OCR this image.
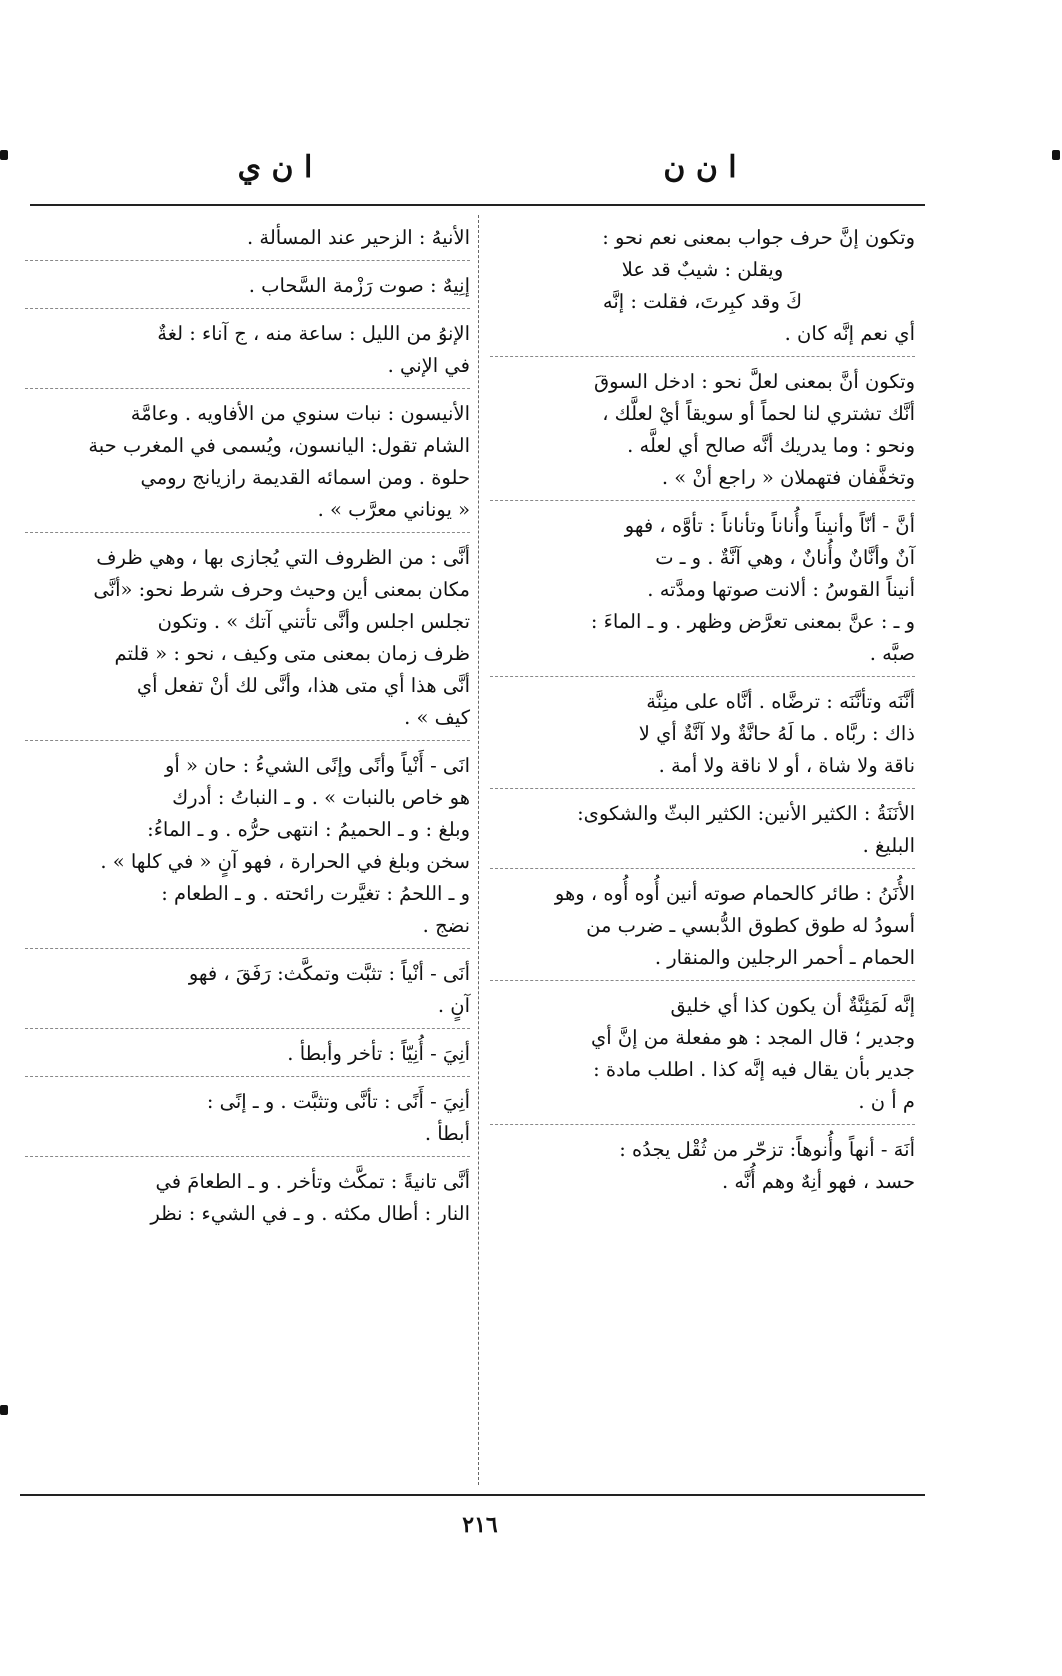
ا ن ن
ا ن ي

وتكون إنَّ حرف جواب بمعنى نعم نحو :

ويقلن : شيبٌ قد علا

كَ وقد كبِرتَ، فقلت : إنَّه

أي نعم إنَّه كان .

وتكون أنَّ بمعنى لعلَّ نحو : ادخل السوقَ

أنَّك تشتري لنا لحماً أو سويقاً أيْ لعلَّك ،

ونحو : وما يدريك أنَّه صالح أي لعلَّه .

وتخفَّفان فتهملان « راجع أنْ » .

أنَّ - أنّاً وأنيناً وأُناناً وتأناناً : تأوَّه ، فهو

آنٌ وأنَّانٌ وأُنانٌ ، وهي آنَّةٌ . و ـ ت

أنيناً القوسُ : ألانت صوتها ومدَّته .

و ـ : عنَّ بمعنى تعرَّض وظهر . و ـ الماءَ :

صبَّه .

أنَّنَه وتأنَّنَه : ترضَّاه . أنَّاه على منِنَّة

ذاك : ربَّاه . ما لَهُ حانَّةٌ ولا آنَّةٌ أي لا

ناقة ولا شاة ، أو لا ناقة ولا أمة .

الأنَنَةُ : الكثير الأنين: الكثير البثّ والشكوى:

البليغ .

الأُنَنُ : طائر كالحمام صوته أنين أُوه أُوه ، وهو

أسودُ له طوق كطوق الدُّبسي ـ ضرب من

الحمام ـ أحمر الرجلين والمنقار .

إنَّه لَمَئِنَّةٌ أن يكون كذا أي خليق

وجدير ؛ قال المجد : هو مفعلة من إنَّ أي

جدير بأن يقال فيه إنَّه كذا . اطلب مادة :

م أ ن .

أنَهَ - أنهاً وأُنوهاً: تزحّر من ثُقْل يجدُه :

حسد ، فهو أنِهٌ وهم أُنَّه .

الأنيهُ : الزحير عند المسألة .

إنِيهٌ : صوت رَزْمة السَّحاب .

الإنوُ من الليل : ساعة منه ، ج آناء : لغةٌ

في الإني .

الأنيسون : نبات سنوي من الأفاويه . وعامَّة

الشام تقول: اليانسون، ويُسمى في المغرب حبة

حلوة . ومن اسمائه القديمة رازيانج رومي

« يوناني معرَّب » .

أنَّى : من الظروف التي يُجازى بها ، وهي ظرف

مكان بمعنى أين وحيث وحرف شرط نحو: «أنَّى

تجلس اجلس وأنَّى تأتني آتك » . وتكون

ظرف زمان بمعنى متى وكيف ، نحو : « قلتم

أنَّى هذا أي متى هذا، وأنَّى لك أنْ تفعل أي

كيف » .

انَى - أَنْياً وأنًى وإنًى الشيءُ : حان « أو

هو خاص بالنبات » . و ـ النباتُ : أدرك

وبلغ : و ـ الحميمُ : انتهى حرُّه . و ـ الماءُ:

سخن وبلغ في الحرارة ، فهو آنٍ « في كلها » .

و ـ اللحمُ : تغيَّرت رائحته . و ـ الطعام :

نضج .

أنَى - أنْياً : تثبَّت وتمكَّث: رَفَقَ ، فهو

آنٍ .

أنِيَ - أُنِيّاً : تأخر وأبطأ .

أنِيَ - أَنًى : تأنَّى وتثبَّت . و ـ إنًى :

أبطأ .

أنَّى تانيةً : تمكَّث وتأخر . و ـ الطعامَ في

النار : أطال مكثه . و ـ في الشيء : نظر

٢١٦
